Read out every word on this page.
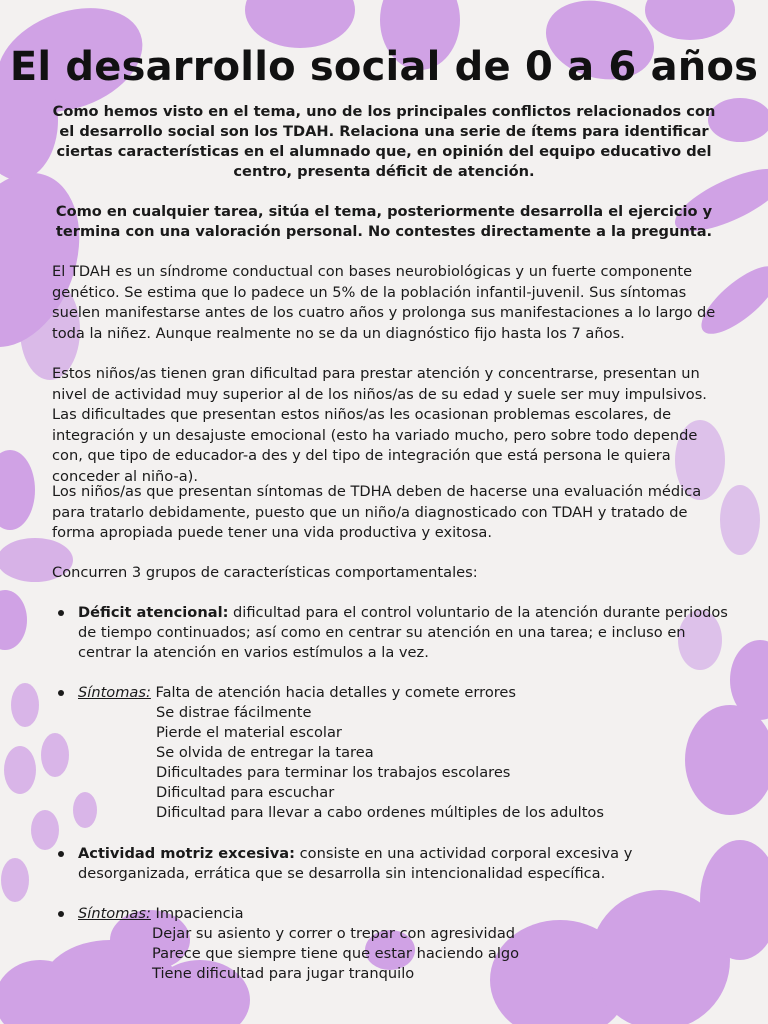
El desarrollo social de 0 a 6 años

Como hemos visto en el tema, uno de los principales conflictos relacionados con el desarrollo social son los TDAH. Relaciona una serie de ítems para identificar ciertas características en el alumnado que, en opinión del equipo educativo del centro, presenta déficit de atención.

Como en cualquier tarea, sitúa el tema, posteriormente desarrolla el ejercicio y termina con una valoración personal. No contestes directamente a la pregunta.

El TDAH es un síndrome conductual con bases neurobiológicas y un fuerte componente genético. Se estima que lo padece un 5% de la población infantil-juvenil. Sus síntomas suelen manifestarse antes de los cuatro años y prolonga sus manifestaciones a lo largo de toda la niñez. Aunque realmente no se da un diagnóstico fijo hasta los 7 años.

Estos niños/as tienen gran dificultad para prestar atención y concentrarse, presentan un nivel de actividad muy superior al de los niños/as de su edad y suele ser muy impulsivos. Las dificultades que presentan estos niños/as les ocasionan problemas escolares, de integración y un desajuste emocional (esto ha variado mucho, pero sobre todo depende con, que tipo de educador-a des y del tipo de integración que está persona le quiera conceder al niño-a).

Los niños/as que presentan síntomas de TDHA deben de hacerse una evaluación médica para tratarlo debidamente, puesto que un niño/a diagnosticado con TDAH y tratado de forma apropiada puede tener una vida productiva y exitosa.

Concurren 3 grupos de características comportamentales:

Déficit atencional: dificultad para el control voluntario de la atención durante periodos de tiempo continuados; así como en centrar su atención en una tarea; e incluso en centrar la atención en varios estímulos a la vez.

Síntomas: Falta de atención hacia detalles y comete errores

Se distrae fácilmente
Pierde el material escolar
Se olvida de entregar la tarea
Dificultades para terminar los trabajos escolares
Dificultad para escuchar
Dificultad para llevar a cabo ordenes múltiples de los adultos

Actividad motriz excesiva: consiste en una actividad corporal excesiva y desorganizada, errática que se desarrolla sin intencionalidad específica.

Síntomas: Impaciencia

Dejar su asiento y correr o trepar con agresividad
Parece que siempre tiene que estar haciendo algo
Tiene dificultad para jugar tranquilo
